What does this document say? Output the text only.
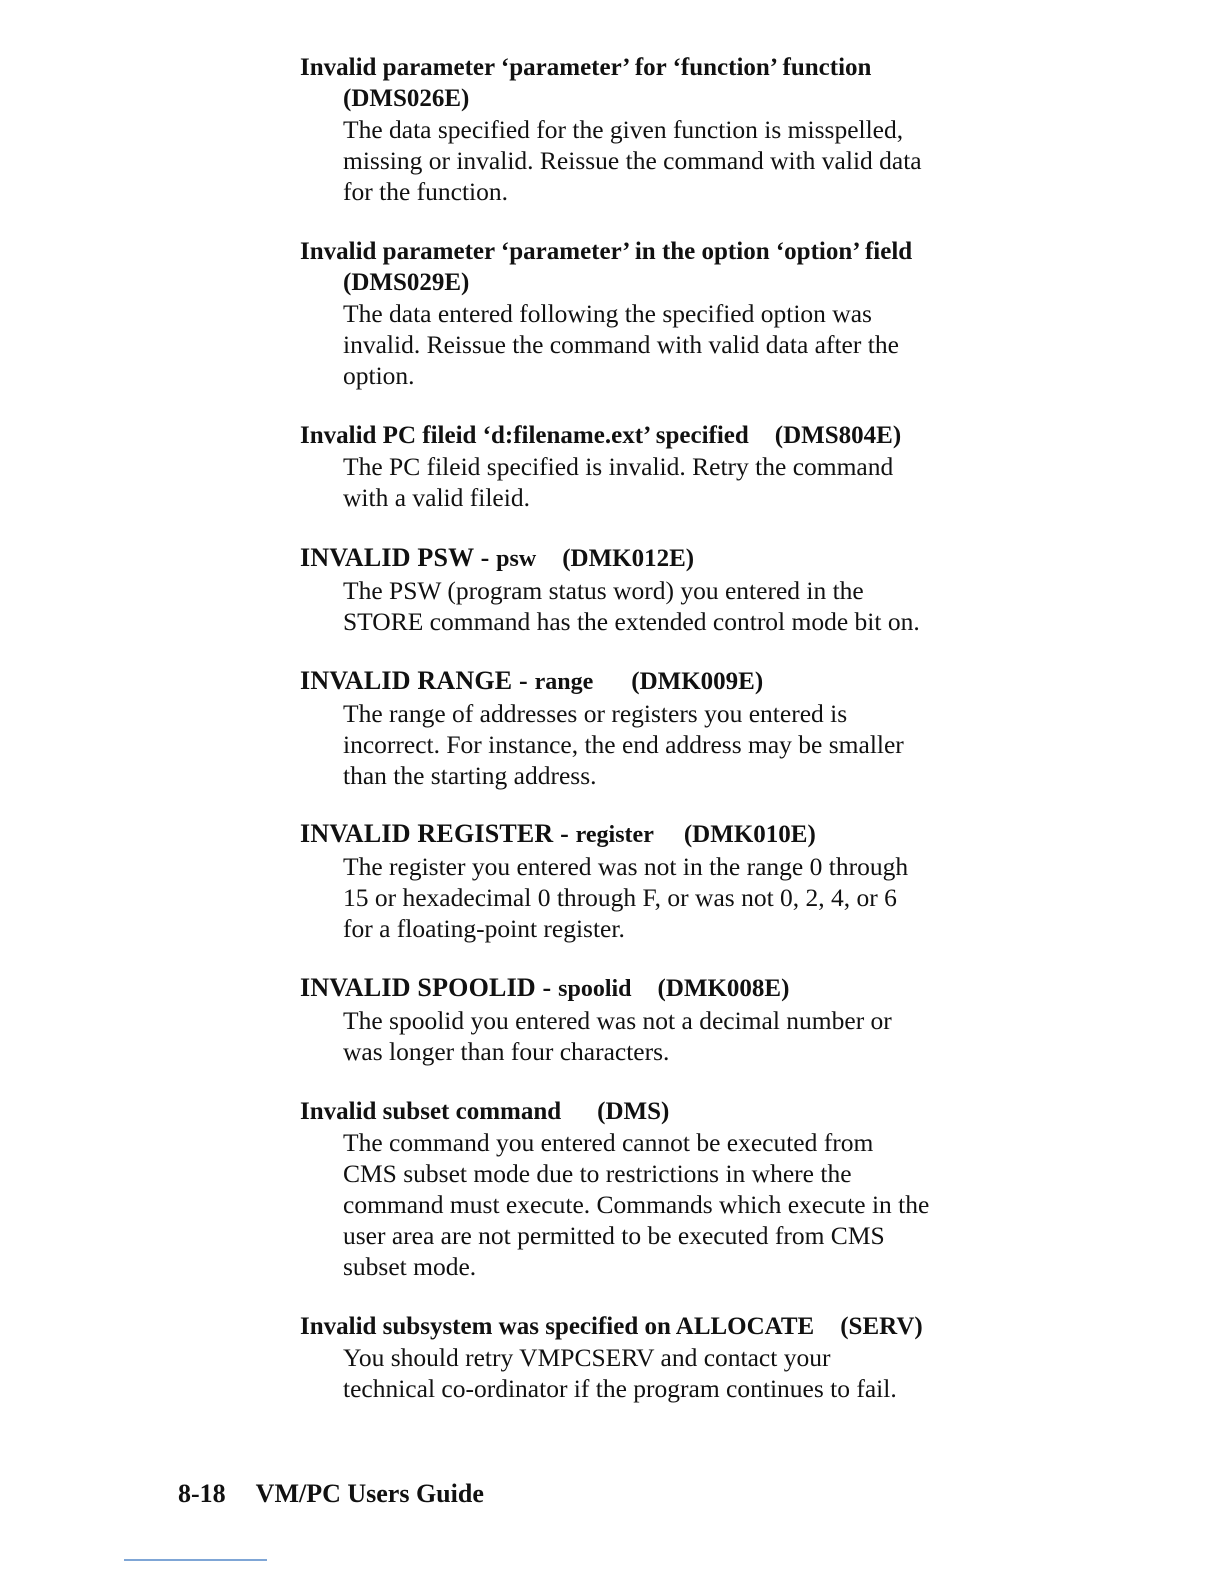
Invalid parameter ‘parameter’ for ‘function’ function
(DMS026E)

The data specified for the given function is misspelled,
missing or invalid. Reissue the command with valid data
for the function.

Invalid parameter ‘parameter’ in the option ‘option’ field
(DMS029E)

The data entered following the specified option was
invalid. Reissue the command with valid data after the
option.

Invalid PC fileid ‘d:filename.ext’ specified (DMS804E)

The PC fileid specified is invalid. Retry the command
with a valid fileid.

INVALID PSW - psw (DMK012E)

The PSW (program status word) you entered in the
STORE command has the extended control mode bit on.

INVALID RANGE - range (DMK009E)

The range of addresses or registers you entered is
incorrect. For instance, the end address may be smaller
than the starting address.

INVALID REGISTER - register (DMK010E)

The register you entered was not in the range 0 through
15 or hexadecimal 0 through F, or was not 0, 2, 4, or 6
for a floating-point register.

INVALID SPOOLID - spoolid (DMK008E)

The spoolid you entered was not a decimal number or
was longer than four characters.

Invalid subset command (DMS)

The command you entered cannot be executed from
CMS subset mode due to restrictions in where the
command must execute. Commands which execute in the
user area are not permitted to be executed from CMS
subset mode.

Invalid subsystem was specified on ALLOCATE (SERV)

You should retry VMPCSERV and contact your
technical co-ordinator if the program continues to fail.

8-18 VM/PC Users Guide
